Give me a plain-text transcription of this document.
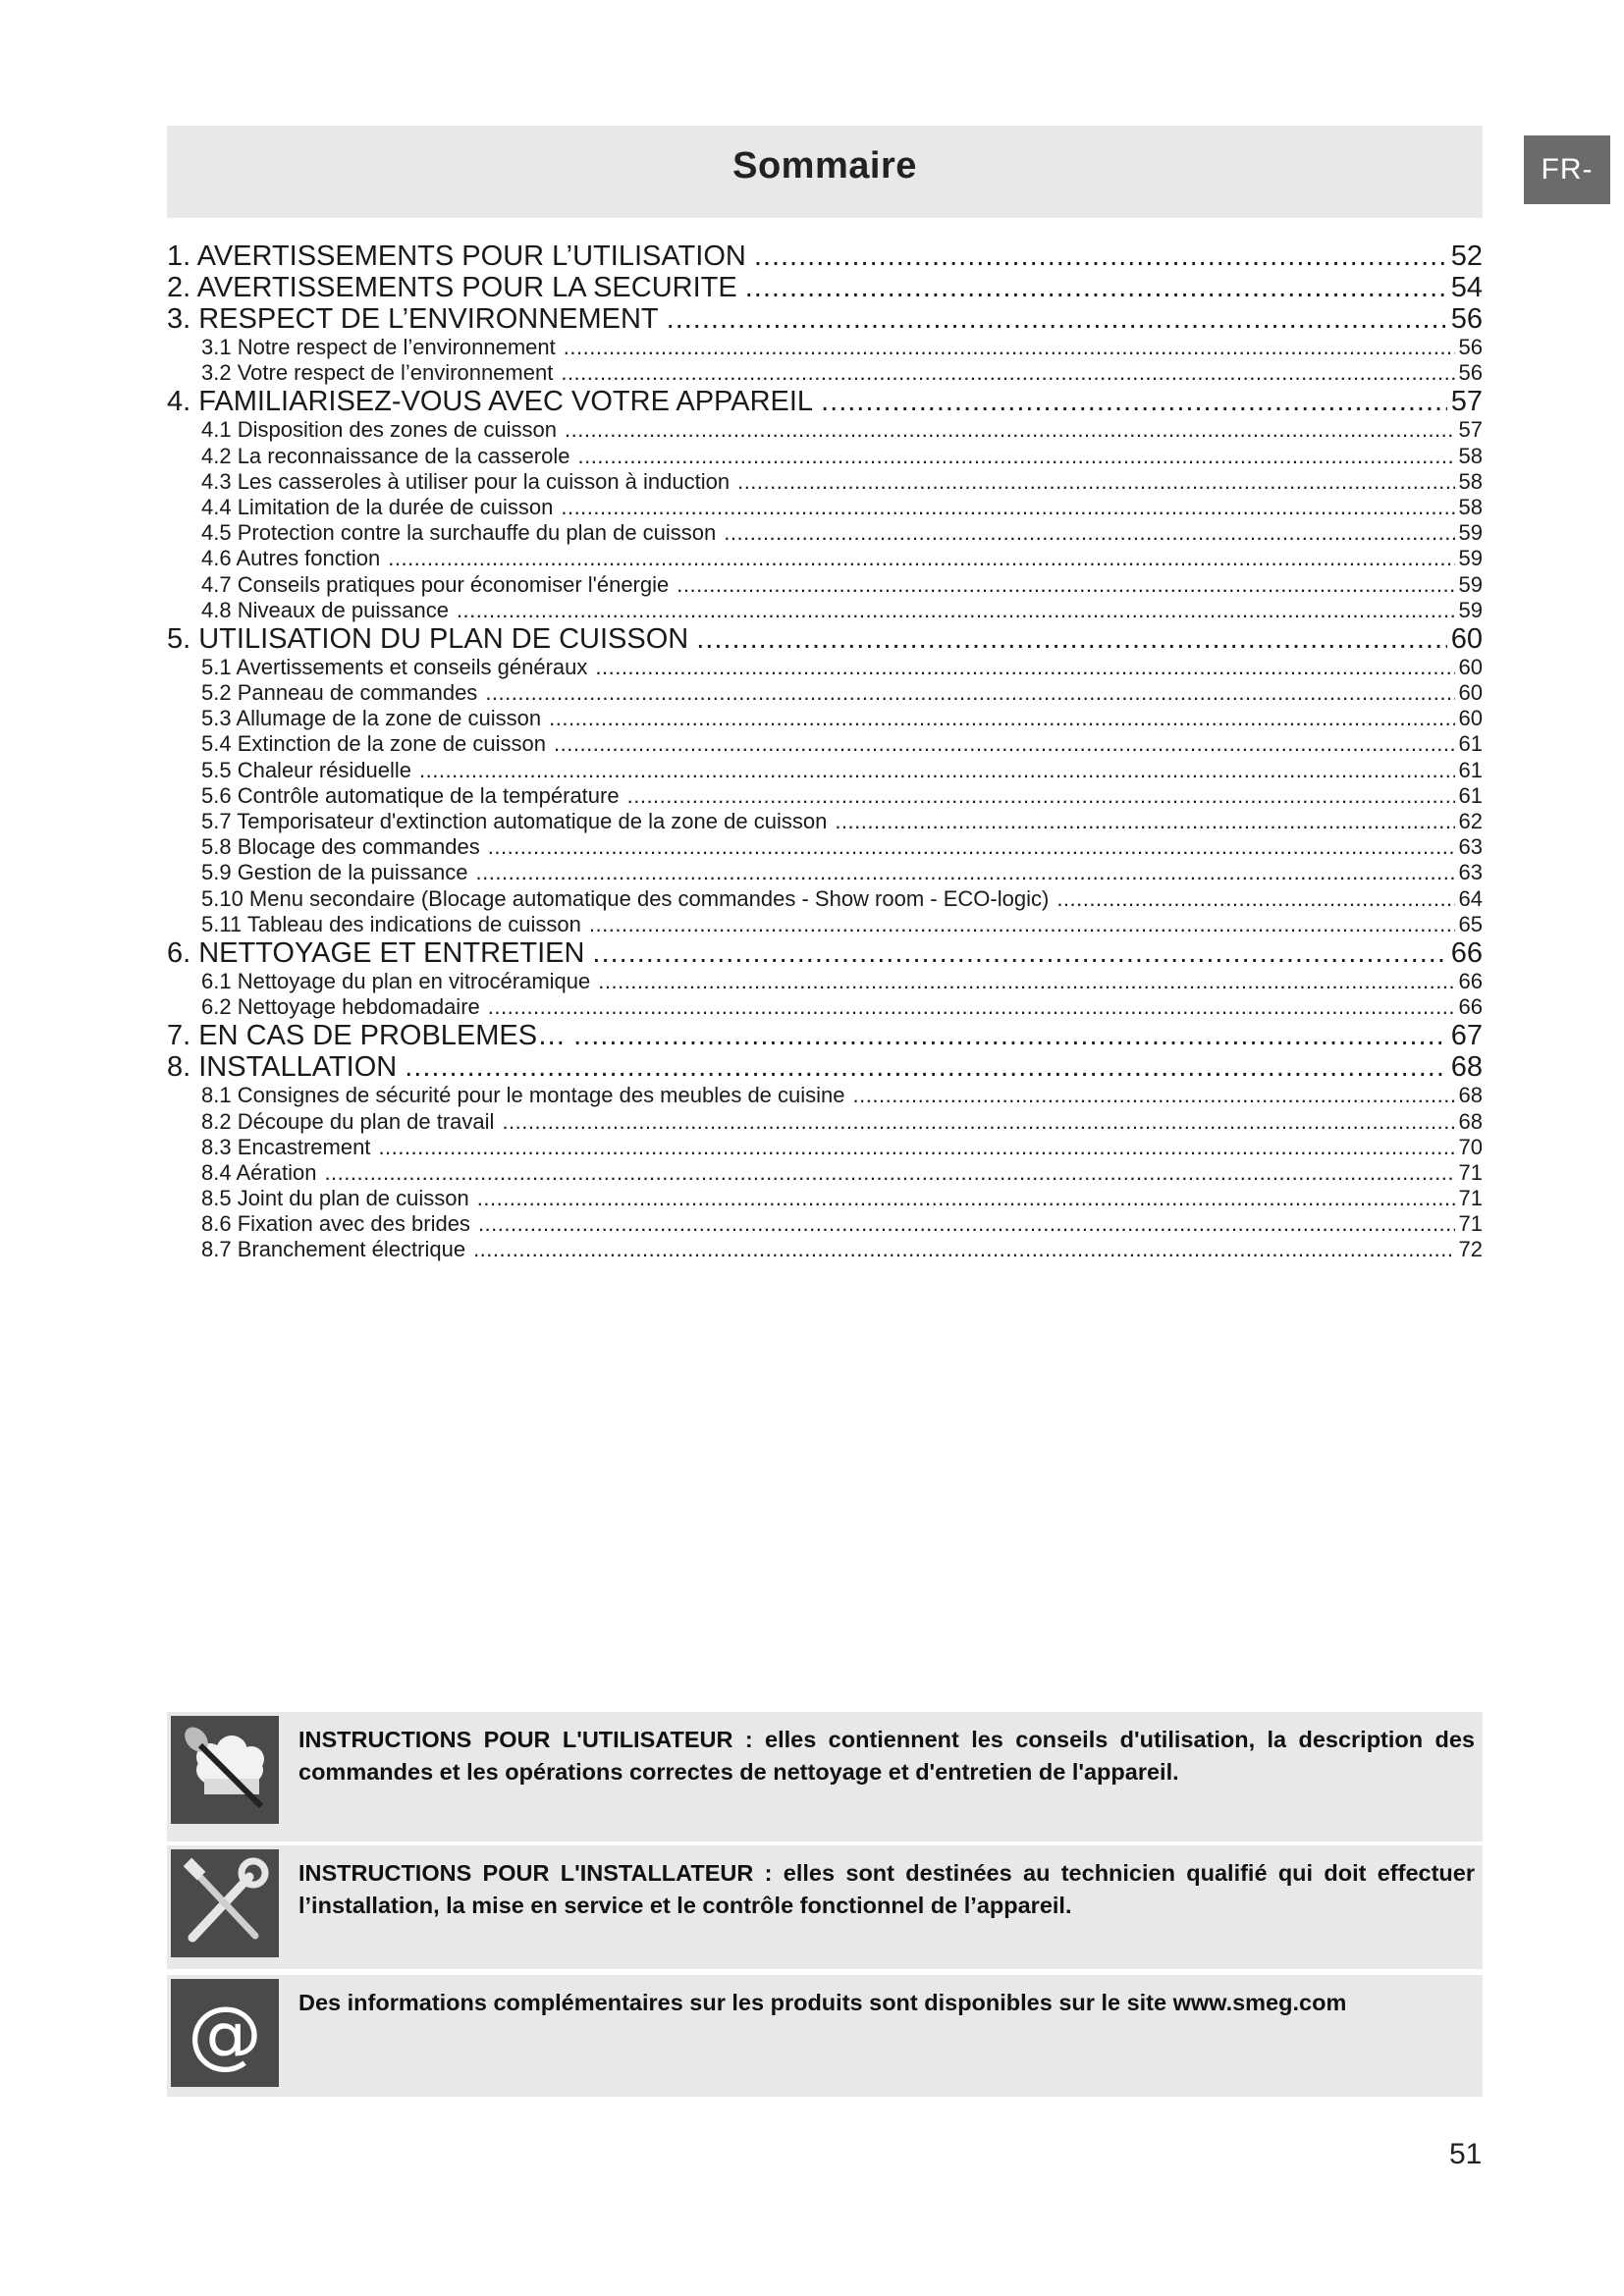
Sommaire	FR-BE
1. AVERTISSEMENTS POUR L’UTILISATION .....	52
2. AVERTISSEMENTS POUR LA SECURITE .....	54
3. RESPECT DE L’ENVIRONNEMENT .....	56
3.1 Notre respect de l’environnement .....	56
3.2 Votre respect de l’environnement .....	56
4. FAMILIARISEZ-VOUS AVEC VOTRE APPAREIL .....	57
4.1 Disposition des zones de cuisson .....	57
4.2 La reconnaissance de la casserole .....	58
4.3 Les casseroles à utiliser pour la cuisson à induction .....	58
4.4 Limitation de la durée de cuisson .....	58
4.5 Protection contre la surchauffe du plan de cuisson .....	59
4.6 Autres fonction .....	59
4.7 Conseils pratiques pour économiser l'énergie .....	59
4.8 Niveaux de puissance .....	59
5. UTILISATION DU PLAN DE CUISSON .....	60
5.1 Avertissements et conseils généraux .....	60
5.2 Panneau de commandes .....	60
5.3 Allumage de la zone de cuisson .....	60
5.4 Extinction de la zone de cuisson .....	61
5.5 Chaleur résiduelle .....	61
5.6 Contrôle automatique de la température .....	61
5.7 Temporisateur d'extinction automatique de la zone de cuisson .....	62
5.8 Blocage des commandes .....	63
5.9 Gestion de la puissance .....	63
5.10 Menu secondaire (Blocage automatique des commandes - Show room - ECO-logic) .....	64
5.11 Tableau des indications de cuisson .....	65
6. NETTOYAGE ET ENTRETIEN .....	66
6.1 Nettoyage du plan en vitrocéramique .....	66
6.2 Nettoyage hebdomadaire .....	66
7. EN CAS DE PROBLEMES… .....	67
8. INSTALLATION .....	68
8.1 Consignes de sécurité pour le montage des meubles de cuisine .....	68
8.2 Découpe du plan de travail .....	68
8.3 Encastrement .....	70
8.4 Aération .....	71
8.5 Joint du plan de cuisson .....	71
8.6 Fixation avec des brides .....	71
8.7 Branchement électrique .....	72
INSTRUCTIONS POUR L'UTILISATEUR : elles contiennent les conseils d'utilisation, la description des commandes et les opérations correctes de nettoyage et d'entretien de l'appareil.
INSTRUCTIONS POUR L'INSTALLATEUR : elles sont destinées au technicien qualifié qui doit effectuer l’installation, la mise en service et le contrôle fonctionnel de l’appareil.
@ Des informations complémentaires sur les produits sont disponibles sur le site www.smeg.com
51
